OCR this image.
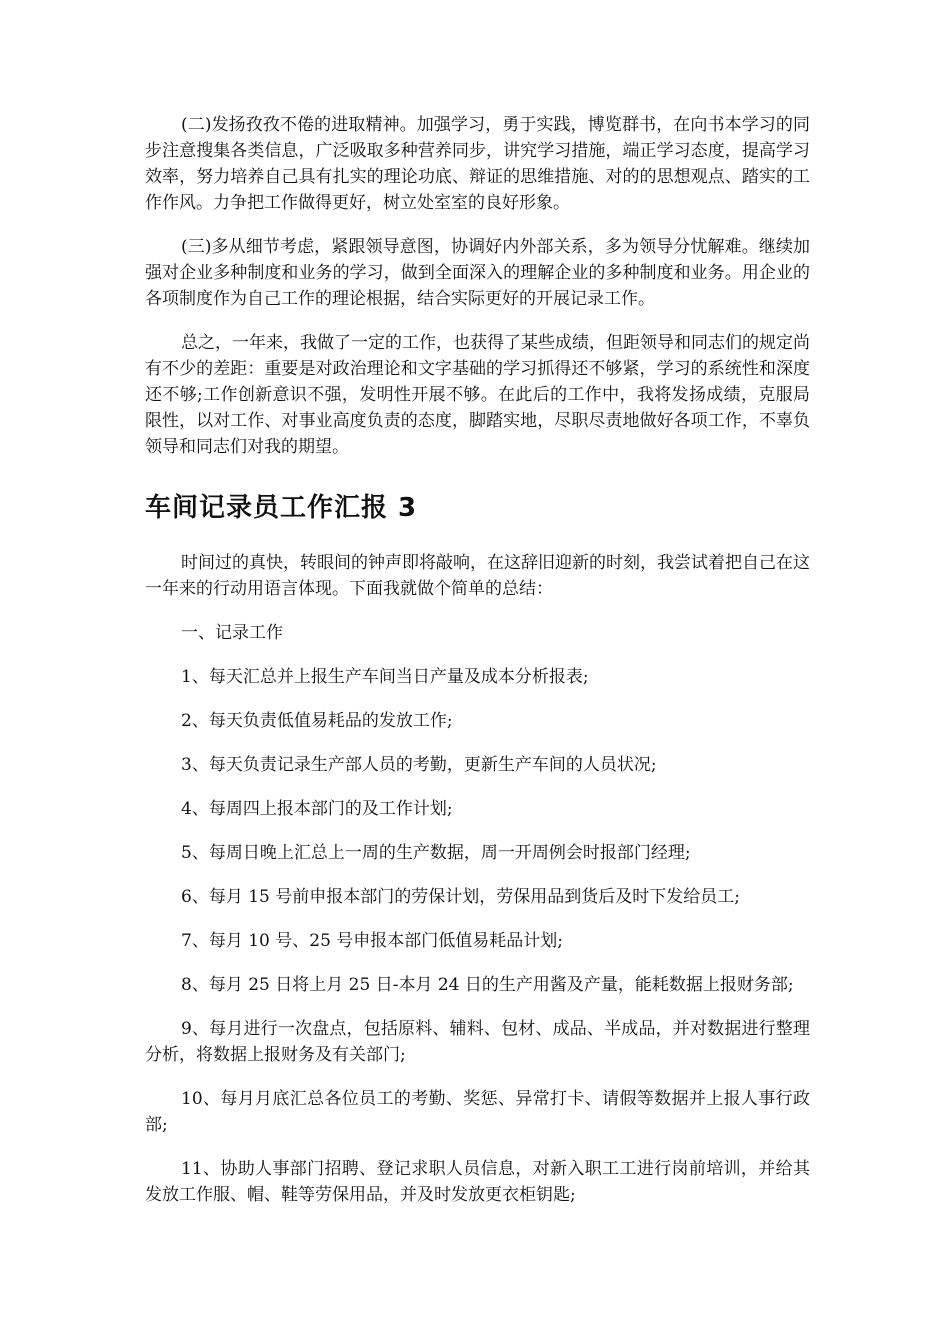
(二)发扬孜孜不倦的进取精神。加强学习，勇于实践，博览群书，在向书本学习的同步注意搜集各类信息，广泛吸取多种营养同步，讲究学习措施，端正学习态度，提高学习效率，努力培养自己具有扎实的理论功底、辩证的思维措施、对的的思想观点、踏实的工作作风。力争把工作做得更好，树立处室室的良好形象。

(三)多从细节考虑，紧跟领导意图，协调好内外部关系，多为领导分忧解难。继续加强对企业多种制度和业务的学习，做到全面深入的理解企业的多种制度和业务。用企业的各项制度作为自己工作的理论根据，结合实际更好的开展记录工作。

总之，一年来，我做了一定的工作，也获得了某些成绩，但距领导和同志们的规定尚有不少的差距：重要是对政治理论和文字基础的学习抓得还不够紧，学习的系统性和深度还不够;工作创新意识不强，发明性开展不够。在此后的工作中，我将发扬成绩，克服局限性，以对工作、对事业高度负责的态度，脚踏实地，尽职尽责地做好各项工作，不辜负领导和同志们对我的期望。

车间记录员工作汇报 3

时间过的真快，转眼间的钟声即将敲响，在这辞旧迎新的时刻，我尝试着把自己在这一年来的行动用语言体现。下面我就做个简单的总结：

一、记录工作

1、每天汇总并上报生产车间当日产量及成本分析报表;

2、每天负责低值易耗品的发放工作;

3、每天负责记录生产部人员的考勤，更新生产车间的人员状况;

4、每周四上报本部门的及工作计划;

5、每周日晚上汇总上一周的生产数据，周一开周例会时报部门经理;

6、每月 15 号前申报本部门的劳保计划，劳保用品到货后及时下发给员工;

7、每月 10 号、25 号申报本部门低值易耗品计划;

8、每月 25 日将上月 25 日-本月 24 日的生产用酱及产量，能耗数据上报财务部;

9、每月进行一次盘点，包括原料、辅料、包材、成品、半成品，并对数据进行整理分析，将数据上报财务及有关部门;

10、每月月底汇总各位员工的考勤、奖惩、异常打卡、请假等数据并上报人事行政部;

11、协助人事部门招聘、登记求职人员信息，对新入职工工进行岗前培训，并给其发放工作服、帽、鞋等劳保用品，并及时发放更衣柜钥匙;
